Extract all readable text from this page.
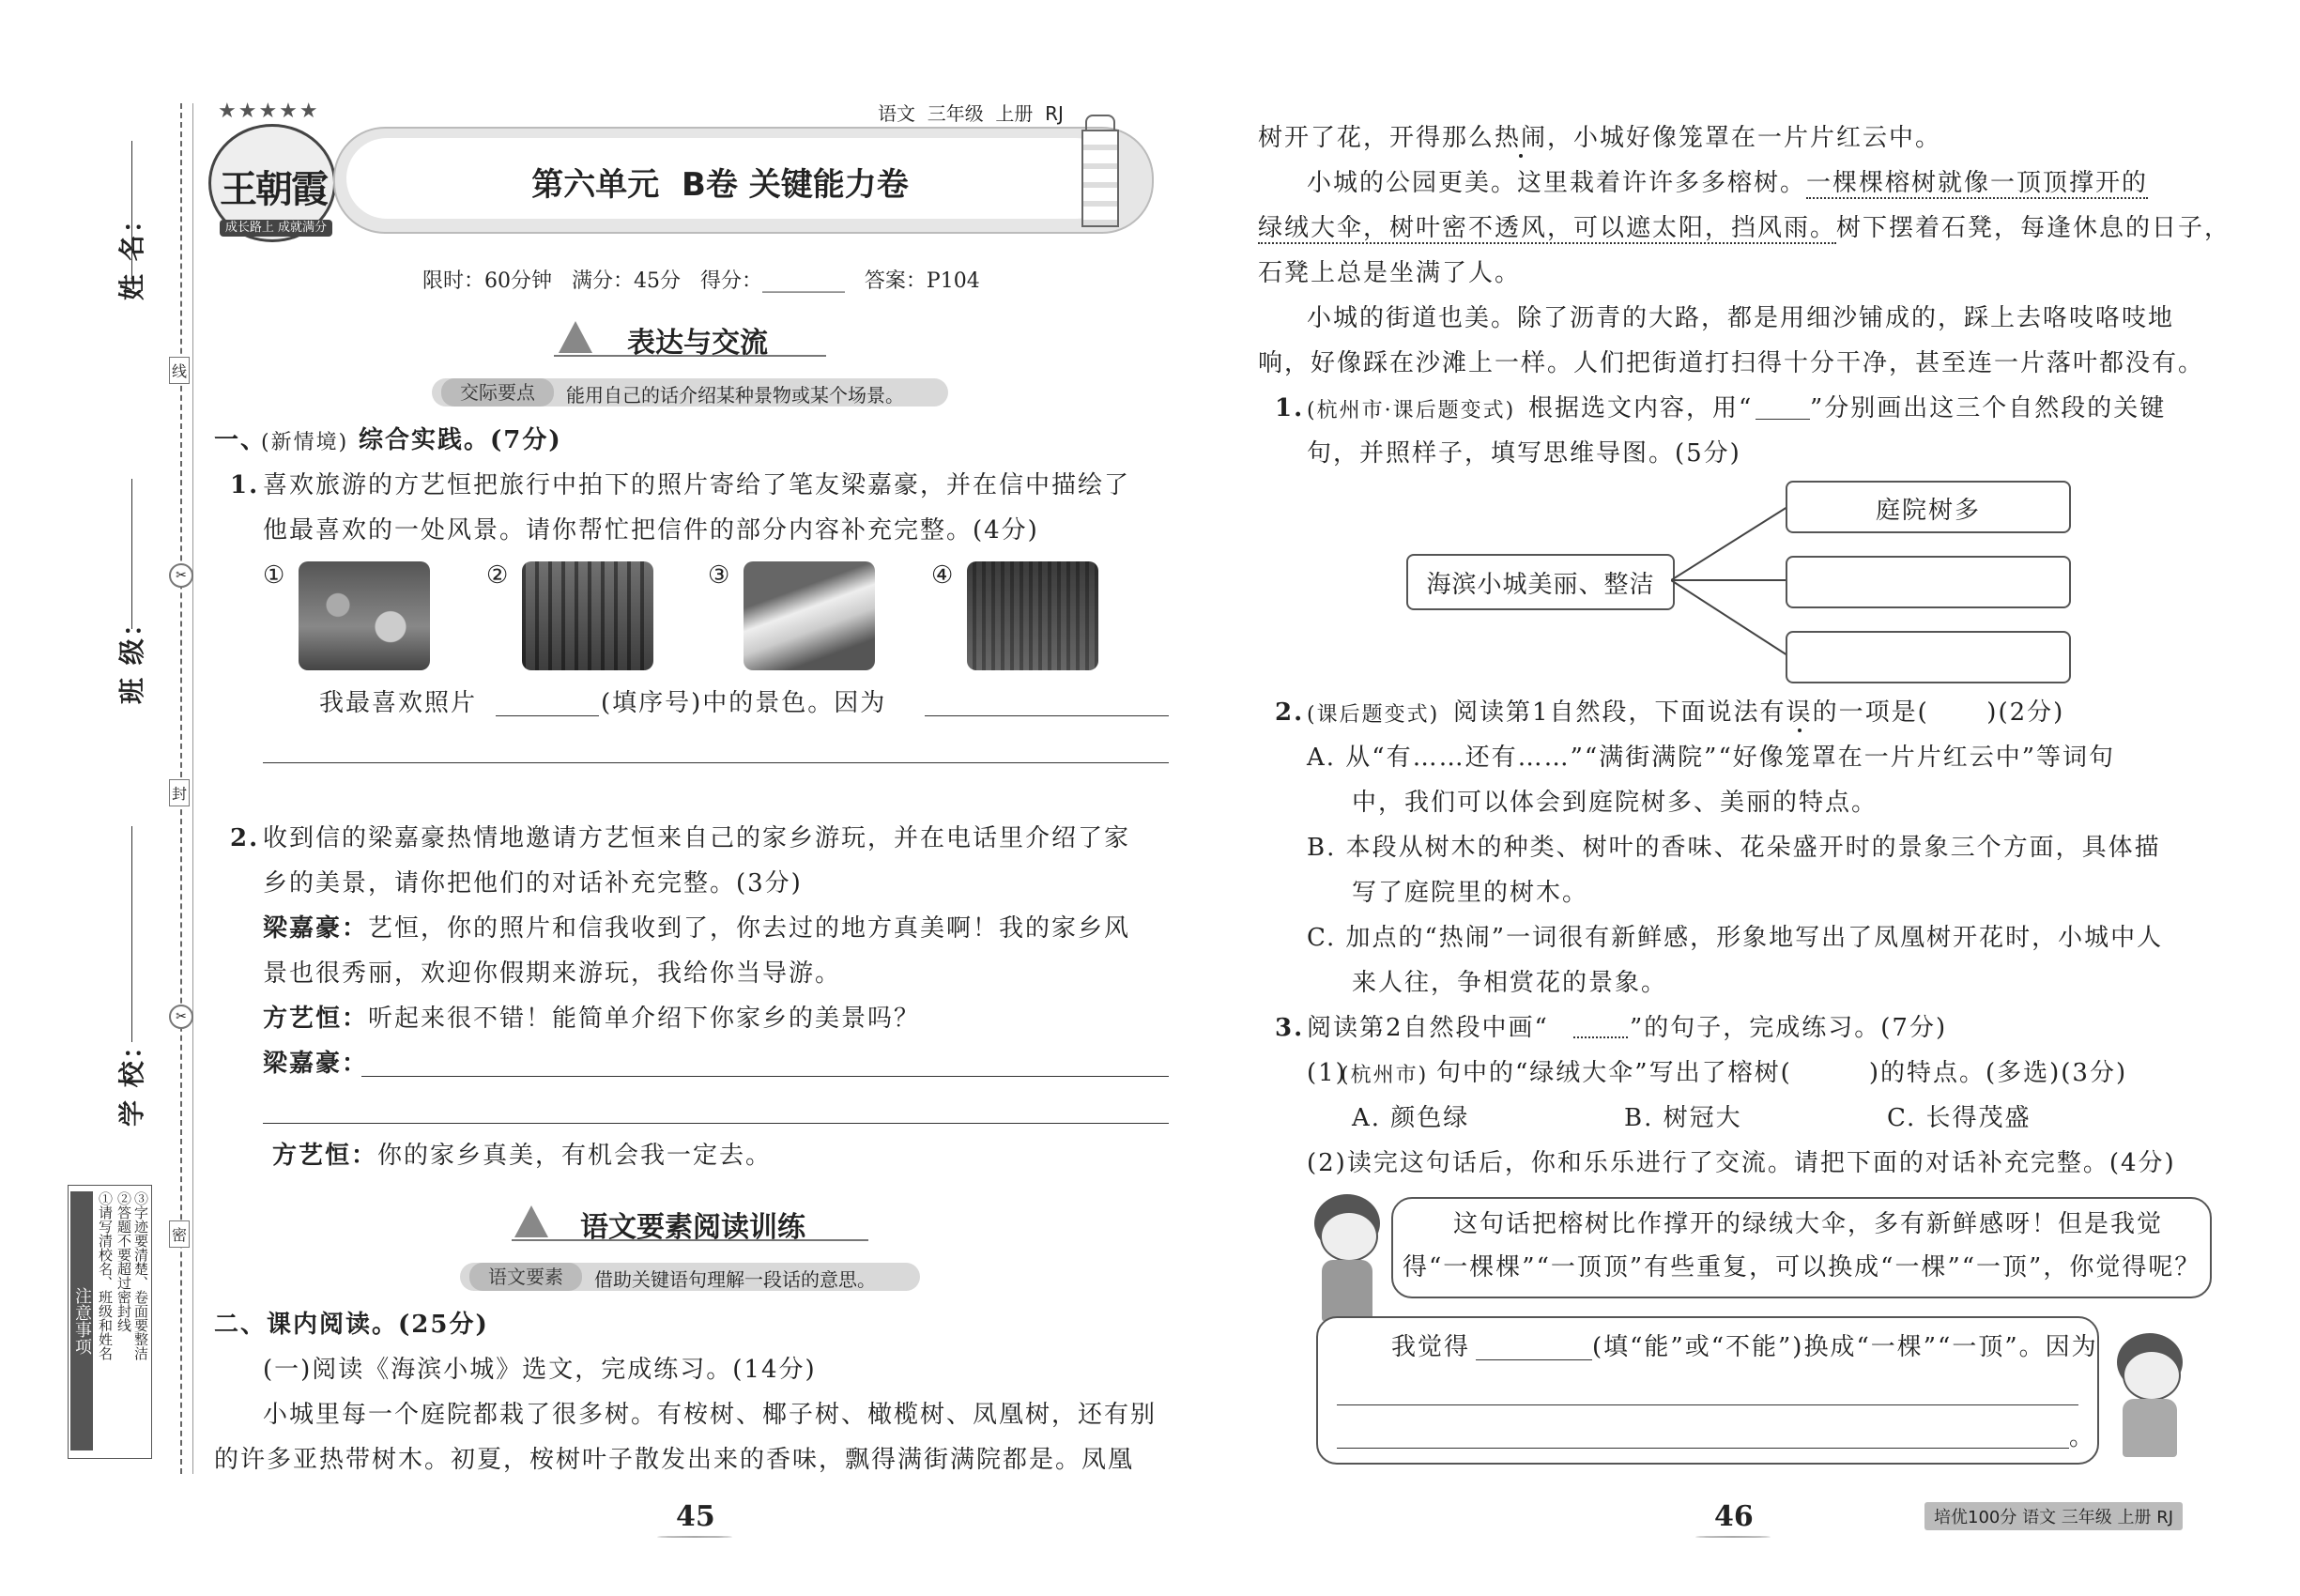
姓 名：
班 级：
学 校：
线
✂
封
✂
密
注意事项 ①请写清校名、班级和姓名 ②答题不要超过密封线 ③字迹要清楚、卷面要整洁
★★★★★
王朝霞
成长路上 成就满分
语文  三年级  上册  RJ
第六单元  B卷 关键能力卷
限时：60分钟   满分：45分   得分：________   答案：P104
表达与交流
交际要点	能用自己的话介绍某种景物或某个场景。
一、
(新情境) 综合实践。(7分)
1. 喜欢旅游的方艺恒把旅行中拍下的照片寄给了笔友梁嘉豪，并在信中描绘了
他最喜欢的一处风景。请你帮忙把信件的部分内容补充完整。(4分)
①	②	③	④
我最喜欢照片	(填序号)中的景色。因为
2. 收到信的梁嘉豪热情地邀请方艺恒来自己的家乡游玩，并在电话里介绍了家
乡的美景，请你把他们的对话补充完整。(3分)
梁嘉豪： 艺恒，你的照片和信我收到了，你去过的地方真美啊！我的家乡风
景也很秀丽，欢迎你假期来游玩，我给你当导游。
方艺恒： 听起来很不错！能简单介绍下你家乡的美景吗？
梁嘉豪：
方艺恒： 你的家乡真美，有机会我一定去。
语文要素阅读训练
语文要素	借助关键语句理解一段话的意思。
二、课内阅读。(25分)
(一)阅读《海滨小城》选文，完成练习。(14分)
小城里每一个庭院都栽了很多树。有桉树、椰子树、橄榄树、凤凰树，还有别
的许多亚热带树木。初夏，桉树叶子散发出来的香味，飘得满街满院都是。凤凰
45
树开了花，开得那么热闹，小城好像笼罩在一片片红云中。
小城的公园更美。这里栽着许许多多榕树。一棵棵榕树就像一顶顶撑开的
绿绒大伞，树叶密不透风，可以遮太阳，挡风雨。树下摆着石凳，每逢休息的日子，
石凳上总是坐满了人。
小城的街道也美。除了沥青的大路，都是用细沙铺成的，踩上去咯吱咯吱地
响，好像踩在沙滩上一样。人们把街道打扫得十分干净，甚至连一片落叶都没有。
1. (杭州市·课后题变式) 根据选文内容，用“ ”分别画出这三个自然段的关键
句，并照样子，填写思维导图。(5分)
海滨小城美丽、整洁
庭院树多
2. (课后题变式) 阅读第1自然段，下面说法有误的一项是(      )(2分)
A. 从“有……还有……”“满街满院”“好像笼罩在一片片红云中”等词句
中，我们可以体会到庭院树多、美丽的特点。
B. 本段从树木的种类、树叶的香味、花朵盛开时的景象三个方面，具体描
写了庭院里的树木。
C. 加点的“热闹”一词很有新鲜感，形象地写出了凤凰树开花时，小城中人
来人往，争相赏花的景象。
3. 阅读第2自然段中画“	”的句子，完成练习。(7分)
(1)
(杭州市) 句中的“绿绒大伞”写出了榕树(        )的特点。(多选)(3分)
A. 颜色绿	B. 树冠大	C. 长得茂盛
(2)读完这句话后，你和乐乐进行了交流。请把下面的对话补充完整。(4分)
这句话把榕树比作撑开的绿绒大伞，多有新鲜感呀！但是我觉
得“一棵棵”“一顶顶”有些重复，可以换成“一棵”“一顶”，你觉得呢？
我觉得	(填“能”或“不能”)换成“一棵”“一顶”。因为
。
46	培优100分 语文 三年级 上册 RJ
